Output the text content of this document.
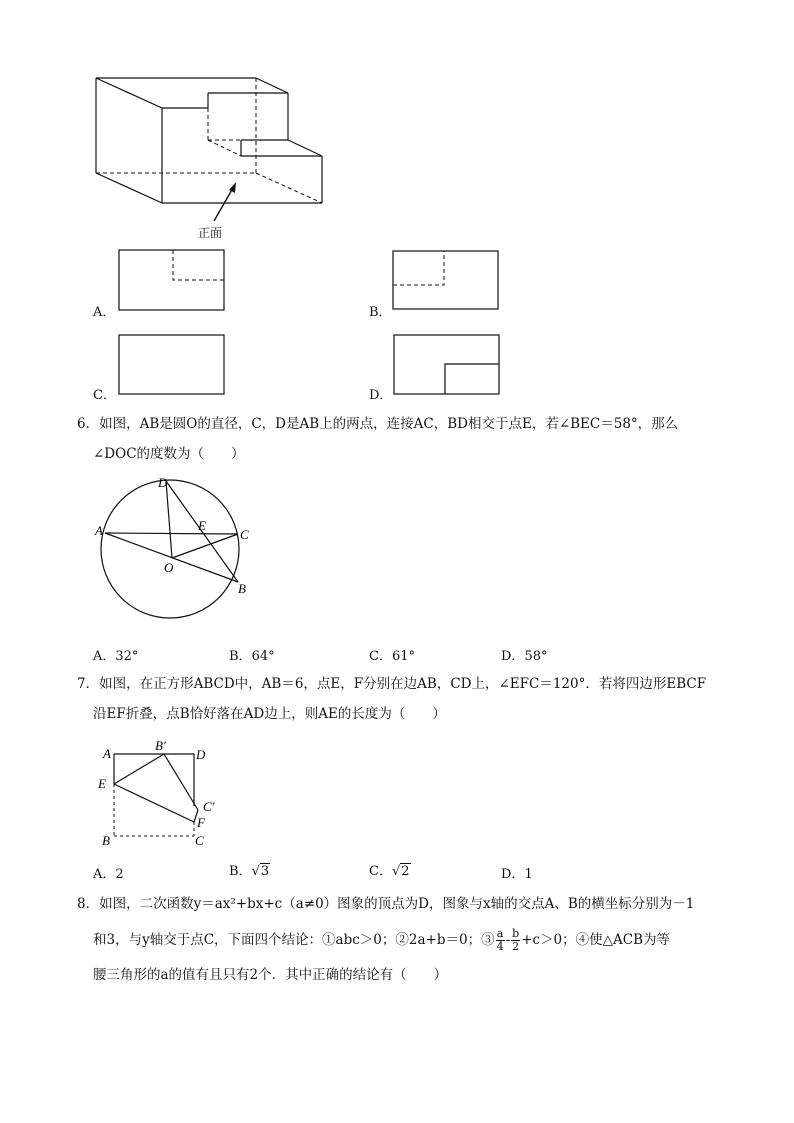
正面
A．	B．
C．	D．
6．如图，AB是圆O的直径，C，D是AB上的两点，连接AC，BD相交于点E，若∠BEC＝58°，那么
∠DOC的度数为（　　）
D
A	E
C
O
B
A．32°	B．64°	C．61°	D．58°
7．如图，在正方形ABCD中，AB＝6，点E，F分别在边AB，CD上，∠EFC＝120°．若将四边形EBCF
沿EF折叠，点B恰好落在AD边上，则AE的长度为（　　）
A
B′
D
E
C′
F
B	C
A．2	B．√3	C．√2	D．1
8．如图，二次函数y＝ax²+bx+c（a≠0）图象的顶点为D，图象与x轴的交点A、B的横坐标分别为－1
和3，与y轴交于点C，下面四个结论：①abc＞0；②2a+b＝0；③ $\frac{a}{4} - \frac{b}{2} +c>0$；④使△ACB为等
腰三角形的a的值有且只有2个．其中正确的结论有（　　）
